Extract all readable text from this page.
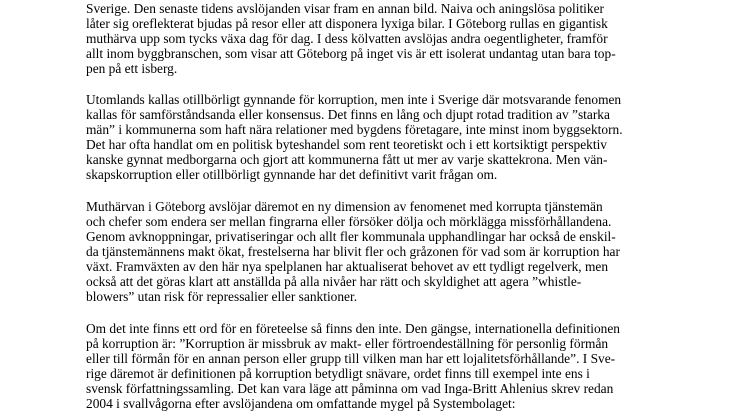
Sverige. Den senaste tidens avslöjanden visar fram en annan bild. Naiva och aningslösa politiker
låter sig oreflekterat bjudas på resor eller att disponera lyxiga bilar. I Göteborg rullas en gigantisk
muthärva upp som tycks växa dag för dag. I dess kölvatten avslöjas andra oegentligheter, framför
allt inom byggbranschen, som visar att Göteborg på inget vis är ett isolerat undantag utan bara top-
pen på ett isberg.
Utomlands kallas otillbörligt gynnande för korruption, men inte i Sverige där motsvarande fenomen
kallas för samförståndsanda eller konsensus. Det finns en lång och djupt rotad tradition av ”starka
män” i kommunerna som haft nära relationer med bygdens företagare, inte minst inom byggsektorn.
Det har ofta handlat om en politisk byteshandel som rent teoretiskt och i ett kortsiktigt perspektiv
kanske gynnat medborgarna och gjort att kommunerna fått ut mer av varje skattekrona. Men vän-
skapskorruption eller otillbörligt gynnande har det definitivt varit frågan om.
Muthärvan i Göteborg avslöjar däremot en ny dimension av fenomenet med korrupta tjänstemän
och chefer som endera ser mellan fingrarna eller försöker dölja och mörklägga missförhållandena.
Genom avknoppningar, privatiseringar och allt fler kommunala upphandlingar har också de enskil-
da tjänstemännens makt ökat, frestelserna har blivit fler och gråzonen för vad som är korruption har
växt. Framväxten av den här nya spelplanen har aktualiserat behovet av ett tydligt regelverk, men
också att det göras klart att anställda på alla nivåer har rätt och skyldighet att agera ”whistle-
blowers” utan risk för repressalier eller sanktioner.
Om det inte finns ett ord för en företeelse så finns den inte. Den gängse, internationella definitionen
på korruption är: ”Korruption är missbruk av makt- eller förtroendeställning för personlig förmån
eller till förmån för en annan person eller grupp till vilken man har ett lojalitetsförhållande”. I Sve-
rige däremot är definitionen på korruption betydligt snävare, ordet finns till exempel inte ens i
svensk författningssamling. Det kan vara läge att påminna om vad Inga-Britt Ahlenius skrev redan
2004 i svallvågorna efter avslöjandena om omfattande mygel på Systembolaget:
